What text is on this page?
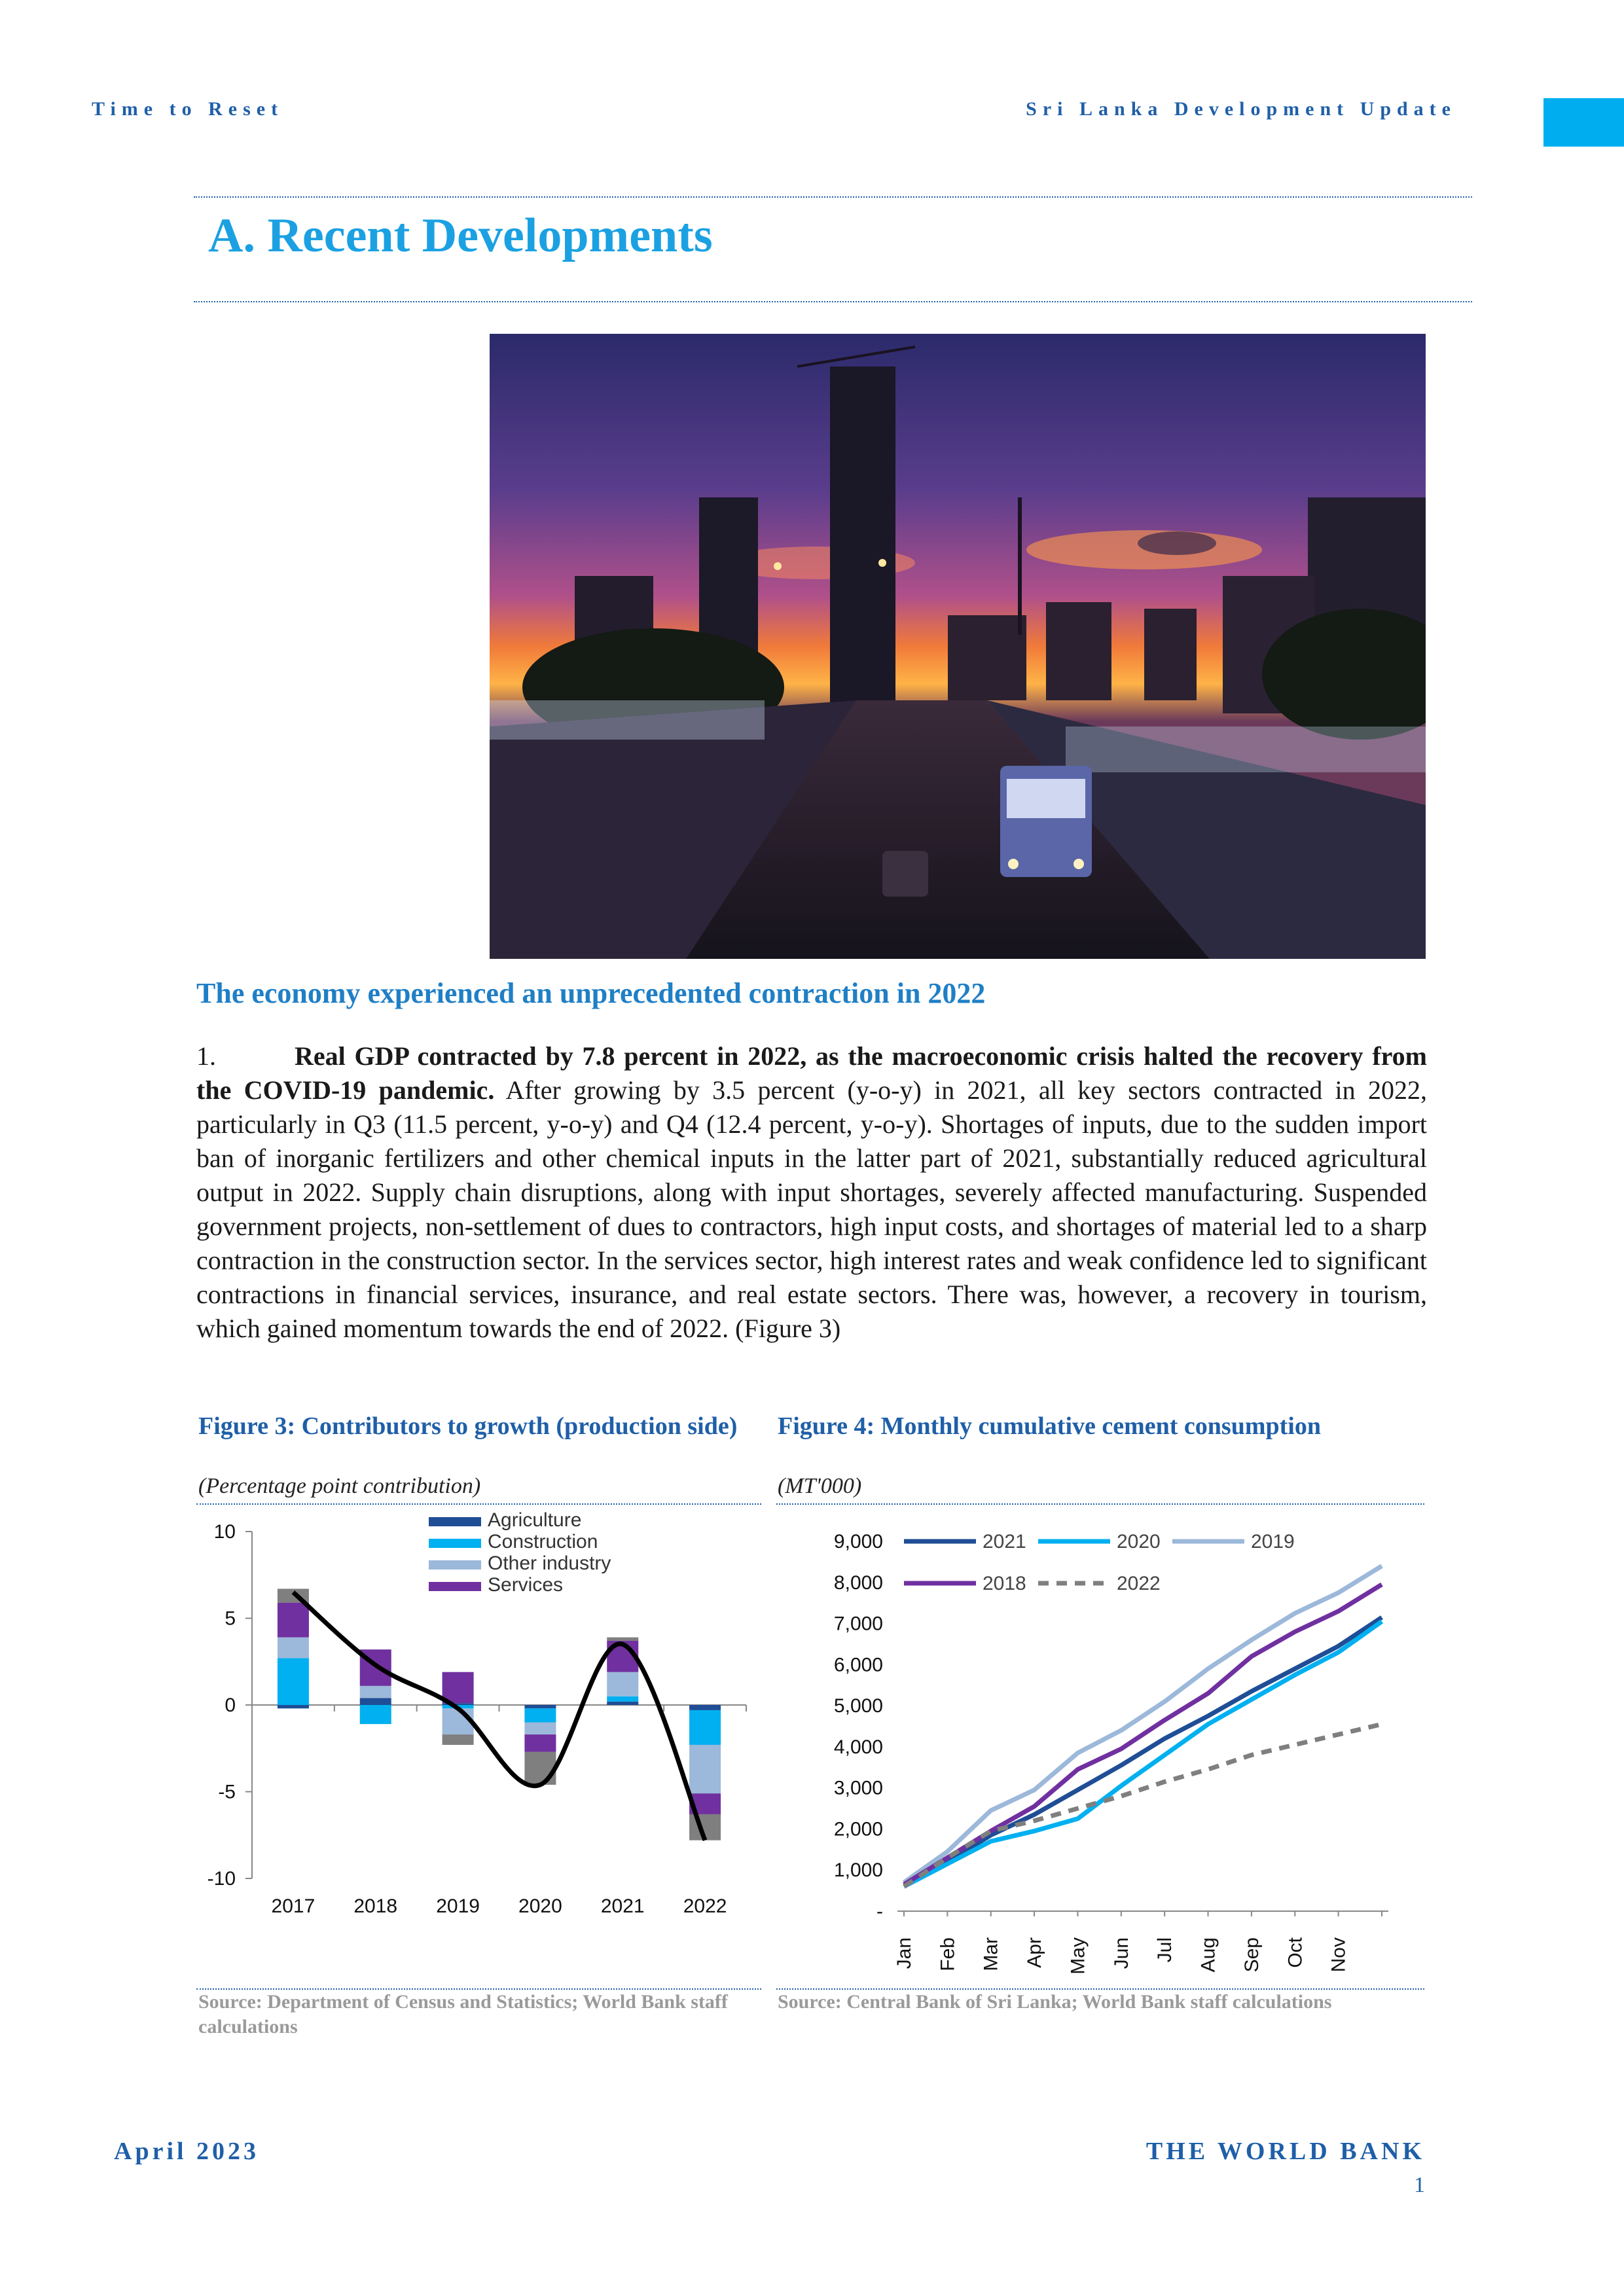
Time to Reset	Sri Lanka Development Update
A. Recent Developments
The economy experienced an unprecedented contraction in 2022
1.	Real GDP contracted by 7.8 percent in 2022, as the macroeconomic crisis halted the recovery from the COVID-19 pandemic. After growing by 3.5 percent (y-o-y) in 2021, all key sectors contracted in 2022, particularly in Q3 (11.5 percent, y-o-y) and Q4 (12.4 percent, y-o-y). Shortages of inputs, due to the sudden import ban of inorganic fertilizers and other chemical inputs in the latter part of 2021, substantially reduced agricultural output in 2022. Supply chain disruptions, along with input shortages, severely affected manufacturing. Suspended government projects, non-settlement of dues to contractors, high input costs, and shortages of material led to a sharp contraction in the construction sector. In the services sector, high interest rates and weak confidence led to significant contractions in financial services, insurance, and real estate sectors. There was, however, a recovery in tourism, which gained momentum towards the end of 2022. (Figure 3)
Figure 3: Contributors to growth (production side)	Figure 4: Monthly cumulative cement consumption
(Percentage point contribution)	(MT'000)
10
5
0
-5
-10
2017 2018 2019 2020 2021 2022
Agriculture
Construction
Other industry
Services
9,000
8,000
7,000
6,000
5,000
4,000
3,000
2,000
1,000
-
Jan Feb Mar Apr May Jun Jul Aug Sep Oct Nov
2021	2020	2019
2018	2022
Source: Department of Census and Statistics; World Bank staff calculations
Source: Central Bank of Sri Lanka; World Bank staff calculations
April 2023	THE WORLD BANK
1
